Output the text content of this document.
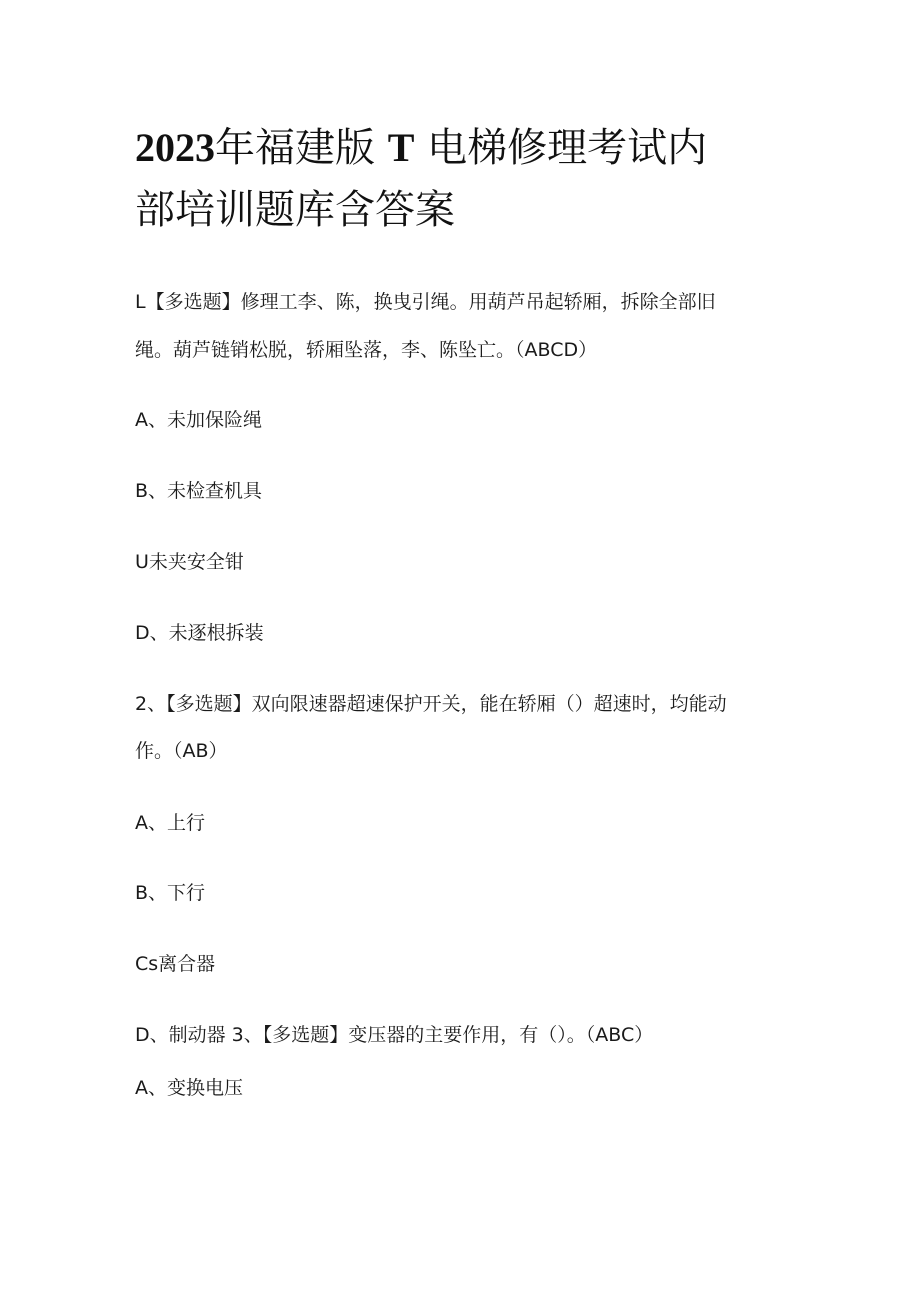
2023年福建版 T 电梯修理考试内
部培训题库含答案

L【多选题】修理工李、陈，换曳引绳。用葫芦吊起轿厢，拆除全部旧

绳。葫芦链销松脱，轿厢坠落，李、陈坠亡。（ABCD）

A、未加保险绳

B、未检查机具

U未夹安全钳

D、未逐根拆装

2、【多选题】双向限速器超速保护开关，能在轿厢（）超速时，均能动

作。（AB）

A、上行

B、下行

Cs离合器

D、制动器 3、【多选题】变压器的主要作用，有（）。（ABC）

A、变换电压
